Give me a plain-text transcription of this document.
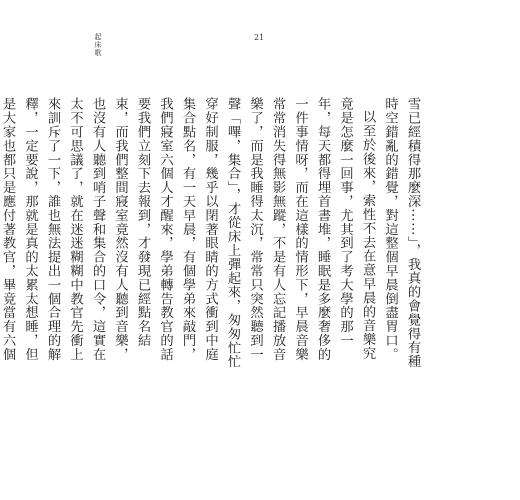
起床歌	21

雪已經積得那麼深⋯⋯」，我真的會覺得有種時空錯亂的錯覺，對這整個早晨倒盡胃口。

以至於後來，索性不去在意早晨的音樂究竟是怎麼一回事，尤其到了考大學的那一年，每天都得埋首書堆，睡眠是多麼奢侈的一件事情呀，而在這樣的情形下，早晨音樂常常消失得無影無蹤，不是有人忘記播放音樂了，而是我睡得太沉，常常只突然聽到一聲「嗶，集合」，才從床上彈起來，匆匆忙忙穿好制服，幾乎以閉著眼睛的方式衝到中庭集合點名，有一天早晨，有個學弟來敲門，我們寢室六個人才醒來，學弟轉告教官的話要我們立刻下去報到，才發現已經點名結束，而我們整間寢室竟然沒有人聽到音樂，也沒有人聽到哨子聲和集合的口令，這實在太不可思議了，就在迷迷糊糊中教官先衝上來訓斥了一下，誰也無法提出一個合理的解釋，一定要說，那就是真的太累太想睡，但是大家也都只是應付著教官，畢竟當有六個
